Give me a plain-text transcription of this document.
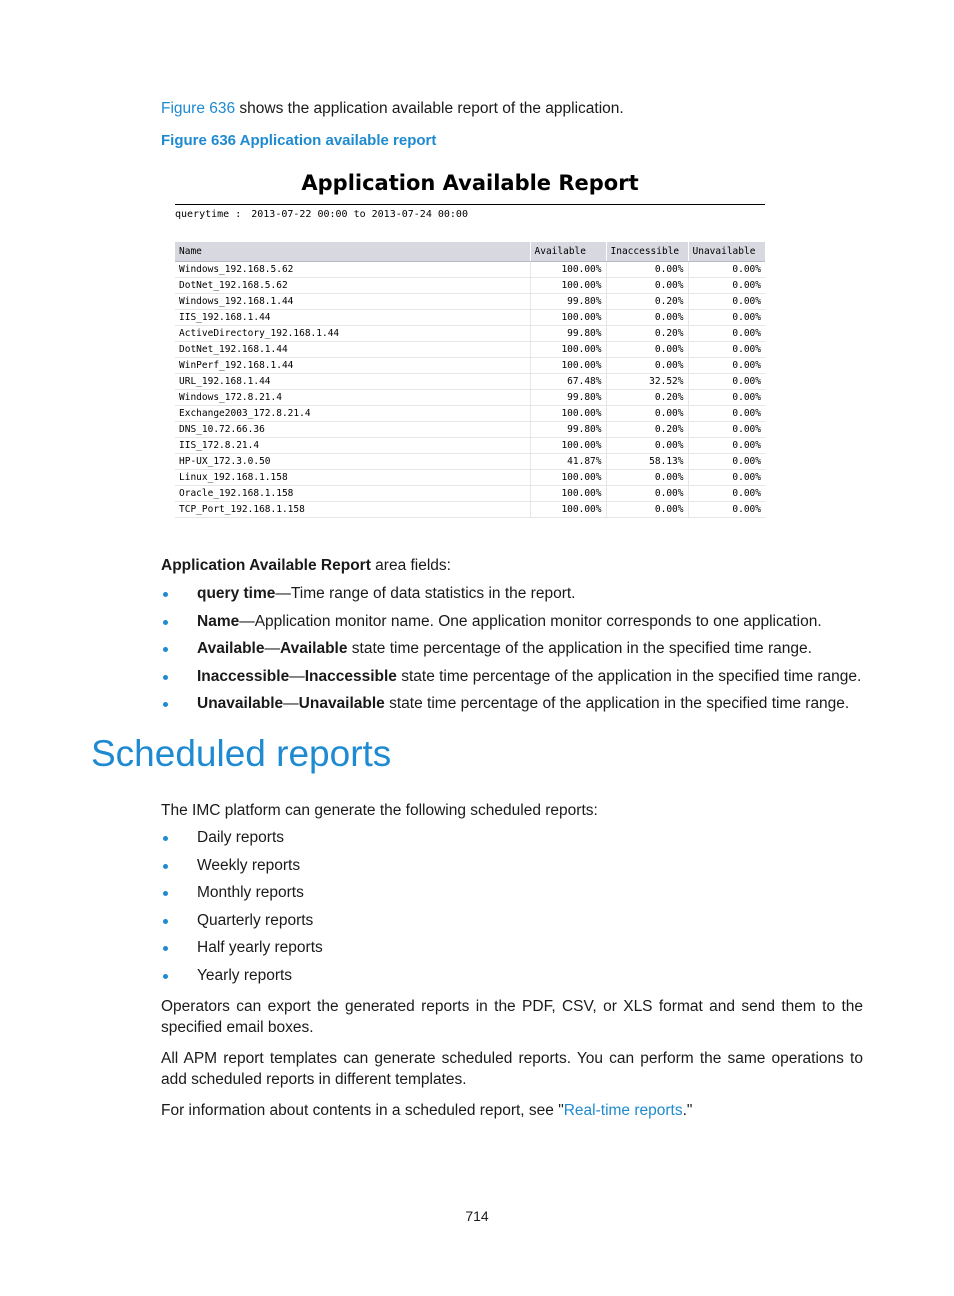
Figure 636 shows the application available report of the application.
Figure 636 Application available report
Application Available Report
querytime : 2013-07-22 00:00 to 2013-07-24 00:00
Name	Available	Inaccessible	Unavailable
Windows_192.168.5.62	100.00%	0.00%	0.00%
DotNet_192.168.5.62	100.00%	0.00%	0.00%
Windows_192.168.1.44	99.80%	0.20%	0.00%
IIS_192.168.1.44	100.00%	0.00%	0.00%
ActiveDirectory_192.168.1.44	99.80%	0.20%	0.00%
DotNet_192.168.1.44	100.00%	0.00%	0.00%
WinPerf_192.168.1.44	100.00%	0.00%	0.00%
URL_192.168.1.44	67.48%	32.52%	0.00%
Windows_172.8.21.4	99.80%	0.20%	0.00%
Exchange2003_172.8.21.4	100.00%	0.00%	0.00%
DNS_10.72.66.36	99.80%	0.20%	0.00%
IIS_172.8.21.4	100.00%	0.00%	0.00%
HP-UX_172.3.0.50	41.87%	58.13%	0.00%
Linux_192.168.1.158	100.00%	0.00%	0.00%
Oracle_192.168.1.158	100.00%	0.00%	0.00%
TCP_Port_192.168.1.158	100.00%	0.00%	0.00%
Application Available Report area fields:
query time—Time range of data statistics in the report.
Name—Application monitor name. One application monitor corresponds to one application.
Available—Available state time percentage of the application in the specified time range.
Inaccessible—Inaccessible state time percentage of the application in the specified time range.
Unavailable—Unavailable state time percentage of the application in the specified time range.
Scheduled reports
The IMC platform can generate the following scheduled reports:
Daily reports
Weekly reports
Monthly reports
Quarterly reports
Half yearly reports
Yearly reports
Operators can export the generated reports in the PDF, CSV, or XLS format and send them to the specified email boxes.
All APM report templates can generate scheduled reports. You can perform the same operations to add scheduled reports in different templates.
For information about contents in a scheduled report, see "Real-time reports."
714
